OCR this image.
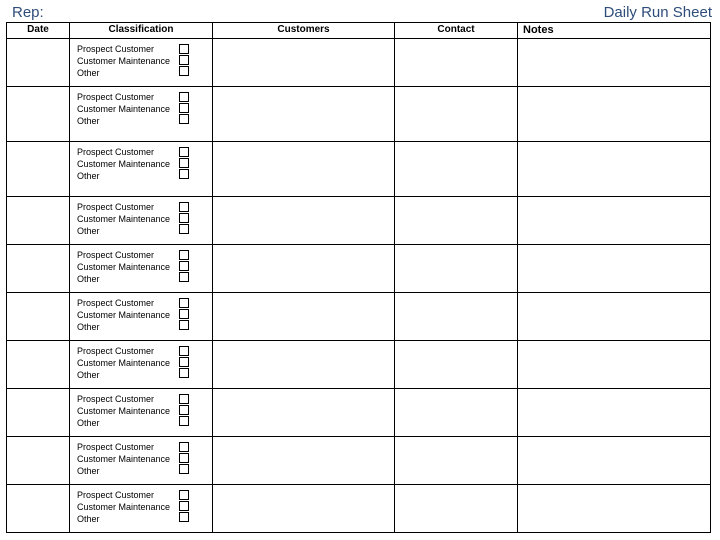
Rep:	Daily Run Sheet
Date	Classification	Customers	Contact	Notes

	Prospect Customer
Customer Maintenance
Other			

	Prospect Customer
Customer Maintenance
Other			

	Prospect Customer
Customer Maintenance
Other			

	Prospect Customer
Customer Maintenance
Other			

	Prospect Customer
Customer Maintenance
Other			

	Prospect Customer
Customer Maintenance
Other			

	Prospect Customer
Customer Maintenance
Other			

	Prospect Customer
Customer Maintenance
Other			

	Prospect Customer
Customer Maintenance
Other			

	Prospect Customer
Customer Maintenance
Other			
